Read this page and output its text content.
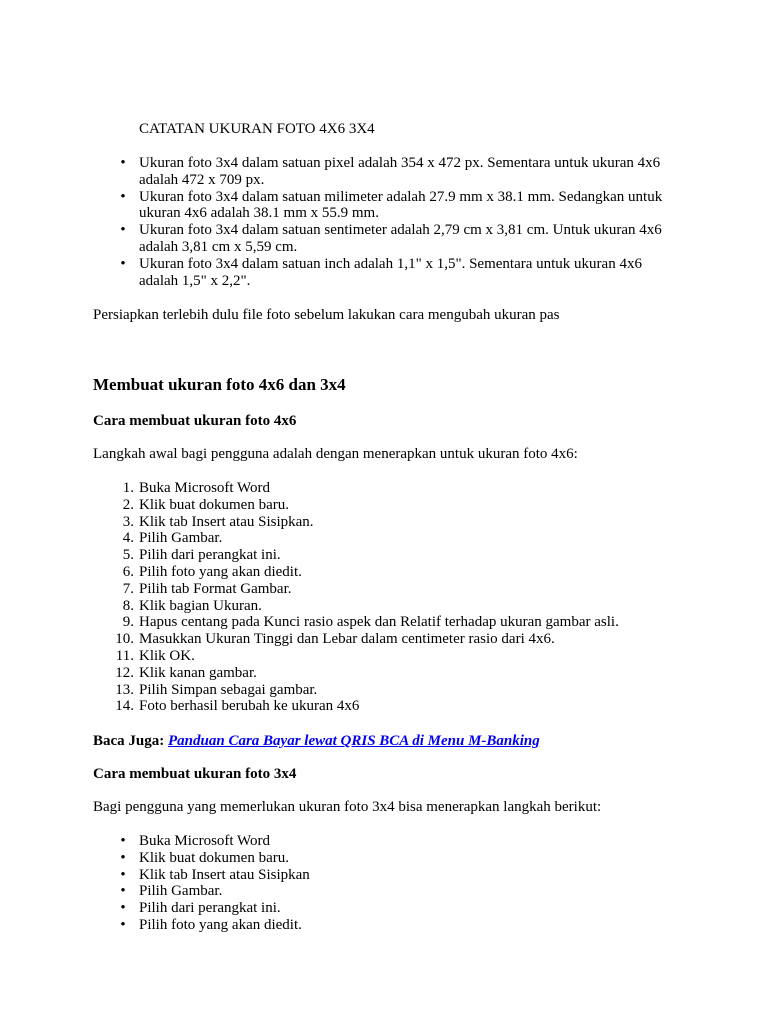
CATATAN UKURAN FOTO 4X6 3X4

• Ukuran foto 3x4 dalam satuan pixel adalah 354 x 472 px. Sementara untuk ukuran 4x6 adalah 472 x 709 px.
• Ukuran foto 3x4 dalam satuan milimeter adalah 27.9 mm x 38.1 mm. Sedangkan untuk ukuran 4x6 adalah 38.1 mm x 55.9 mm.
• Ukuran foto 3x4 dalam satuan sentimeter adalah 2,79 cm x 3,81 cm. Untuk ukuran 4x6 adalah 3,81 cm x 5,59 cm.
• Ukuran foto 3x4 dalam satuan inch adalah 1,1" x 1,5". Sementara untuk ukuran 4x6 adalah 1,5" x 2,2".

Persiapkan terlebih dulu file foto sebelum lakukan cara mengubah ukuran pas

Membuat ukuran foto 4x6 dan 3x4
Cara membuat ukuran foto 4x6

Langkah awal bagi pengguna adalah dengan menerapkan untuk ukuran foto 4x6:

1. Buka Microsoft Word
2. Klik buat dokumen baru.
3. Klik tab Insert atau Sisipkan.
4. Pilih Gambar.
5. Pilih dari perangkat ini.
6. Pilih foto yang akan diedit.
7. Pilih tab Format Gambar.
8. Klik bagian Ukuran.
9. Hapus centang pada Kunci rasio aspek dan Relatif terhadap ukuran gambar asli.
10. Masukkan Ukuran Tinggi dan Lebar dalam centimeter rasio dari 4x6.
11. Klik OK.
12. Klik kanan gambar.
13. Pilih Simpan sebagai gambar.
14. Foto berhasil berubah ke ukuran 4x6

Baca Juga: Panduan Cara Bayar lewat QRIS BCA di Menu M-Banking

Cara membuat ukuran foto 3x4

Bagi pengguna yang memerlukan ukuran foto 3x4 bisa menerapkan langkah berikut:

• Buka Microsoft Word
• Klik buat dokumen baru.
• Klik tab Insert atau Sisipkan
• Pilih Gambar.
• Pilih dari perangkat ini.
• Pilih foto yang akan diedit.
